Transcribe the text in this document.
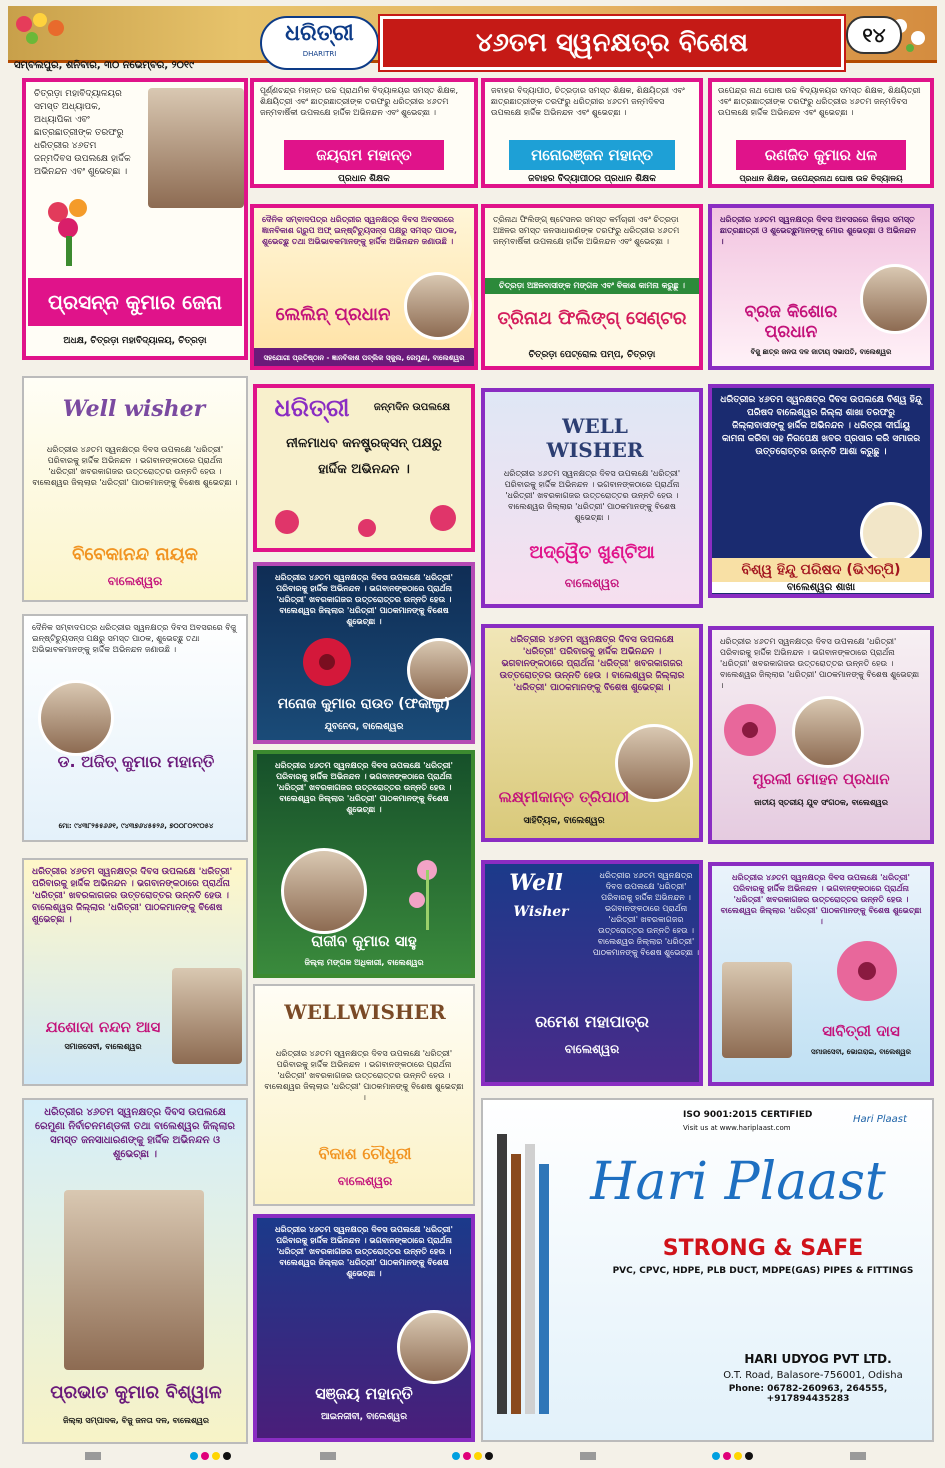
ଧରିତ୍ରୀ
DHARITRI	୪୬ତମ ସ୍ୱନକ୍ଷତ୍ର ବିଶେଷ	୧୪
ସମ୍ବଲପୁର, ଶନିବାର, ୩୦ ନଭେମ୍ବର, ୨୦୧୯
ଚିତ୍ରଡ଼ା ମହାବିଦ୍ୟାଳୟର ସମସ୍ତ ଅଧ୍ୟାପକ, ଅଧ୍ୟାପିକା ଏବଂ ଛାତ୍ରଛାତ୍ରୀଙ୍କ ତରଫରୁ ଧରିତ୍ରୀର ୪୬ତମ ଜନ୍ମଦିବସ ଉପଲକ୍ଷେ ହାର୍ଦ୍ଦିକ ଅଭିନନ୍ଦନ ଏବଂ ଶୁଭେଚ୍ଛା ।
ପ୍ରସନ୍ନ କୁମାର ଜେନା
ଅଧକ୍ଷ, ଚିତ୍ରଡ଼ା ମହାବିଦ୍ୟାଳୟ, ଚିତ୍ରଡ଼ା
ପୂର୍ଣ୍ଣଚନ୍ଦ୍ର ମହାନ୍ତ ଉଚ୍ଚ ପ୍ରାଥମିକ ବିଦ୍ୟାଳୟର ସମସ୍ତ ଶିକ୍ଷକ, ଶିକ୍ଷୟିତ୍ରୀ ଏବଂ ଛାତ୍ରଛାତ୍ରୀଙ୍କ ତରଫରୁ ଧରିତ୍ରୀର ୪୬ତମ ଜନ୍ମବାର୍ଷିକୀ ଉପଲକ୍ଷେ ହାର୍ଦ୍ଦିକ ଅଭିନନ୍ଦନ ଏବଂ ଶୁଭେଚ୍ଛା ।
ଜୟରାମ ମହାନ୍ତ
ପ୍ରଧାନ ଶିକ୍ଷକ
ଜବାହର ବିଦ୍ୟାପୀଠ, ଚିତ୍ରଡ଼ାର ସମସ୍ତ ଶିକ୍ଷକ, ଶିକ୍ଷୟିତ୍ରୀ ଏବଂ ଛାତ୍ରଛାତ୍ରୀଙ୍କ ତରଫରୁ ଧରିତ୍ରୀର ୪୬ତମ ଜନ୍ମଦିବସ ଉପଲକ୍ଷେ ହାର୍ଦ୍ଦିକ ଅଭିନନ୍ଦନ ଏବଂ ଶୁଭେଚ୍ଛା ।
ମନୋରଞ୍ଜନ ମହାନ୍ତ
ଜବାହର ବିଦ୍ୟାପୀଠର ପ୍ରଧାନ ଶିକ୍ଷକ
ଉପେନ୍ଦ୍ର ନାଥ ଘୋଷ ଉଚ୍ଚ ବିଦ୍ୟାଳୟର ସମସ୍ତ ଶିକ୍ଷକ, ଶିକ୍ଷୟିତ୍ରୀ ଏବଂ ଛାତ୍ରଛାତ୍ରୀଙ୍କ ତରଫରୁ ଧରିତ୍ରୀର ୪୬ତମ ଜନ୍ମଦିବସ ଉପଲକ୍ଷେ ହାର୍ଦ୍ଦିକ ଅଭିନନ୍ଦନ ଏବଂ ଶୁଭେଚ୍ଛା ।
ରଣଜିତ କୁମାର ଧଳ
ପ୍ରଧାନ ଶିକ୍ଷକ, ଉପେନ୍ଦ୍ରନାଥ ଘୋଷ ଉଚ୍ଚ ବିଦ୍ୟାଳୟ
ଦୈନିକ ସମ୍ବାଦପତ୍ର ଧରିତ୍ରୀର ସ୍ୱନକ୍ଷତ୍ର ଦିବସ ଅବସରରେ ଜ୍ଞାନବିକାଶ ଗ୍ରୁପ ଅଫ୍ ଇନ୍‌ଷ୍ଟିଚ୍ୟୁସନ୍ସ ପକ୍ଷରୁ ସମସ୍ତ ପାଠକ, ଶୁଭେଚ୍ଛୁ ତଥା ଅଭିଭାବକମାନଙ୍କୁ ହାର୍ଦ୍ଦିକ ଅଭିନନ୍ଦନ ଜଣାଉଛି ।
ଲେଲିନ୍ ପ୍ରଧାନ
ସହଯୋଗୀ ପ୍ରତିଷ୍ଠାନ - ଜ୍ଞାନବିକାଶ ପବ୍ଲିକ ସ୍କୁଲ, ରେମୁଣା, ବାଲେଶ୍ୱର
ତ୍ରିନାଥ ଫିଲିଙ୍ଗ୍ ଷ୍ଟେସନର ସମସ୍ତ କର୍ମଚାରୀ ଏବଂ ଚିତ୍ରଡ଼ା ଅଞ୍ଚଳର ସମସ୍ତ ଜନସାଧାରଣଙ୍କ ତରଫରୁ ଧରିତ୍ରୀର ୪୬ତମ ଜନ୍ମବାର୍ଷିକୀ ଉପଲକ୍ଷେ ହାର୍ଦ୍ଦିକ ଅଭିନନ୍ଦନ ଏବଂ ଶୁଭେଚ୍ଛା ।
ଚିତ୍ରଡ଼ା ଅଞ୍ଚଳବାସୀଙ୍କ ମଙ୍ଗଳ ଏବଂ ବିକାଶ କାମନା କରୁଛୁ ।
ତ୍ରିନାଥ ଫିଲିଙ୍ଗ୍ ସେଣ୍ଟର
ଚିତ୍ରଡ଼ା ପେଟ୍ରୋଲ ପମ୍ପ, ଚିତ୍ରଡ଼ା
ଧରିତ୍ରୀର ୪୬ତମ ସ୍ୱନକ୍ଷତ୍ର ଦିବସ ଅବସରରେ ଜିଲାର ସମସ୍ତ ଛାତ୍ରଛାତ୍ରୀ ଓ ଶୁଭେଚ୍ଛୁମାନଙ୍କୁ ମୋର ଶୁଭେଚ୍ଛା ଓ ଅଭିନନ୍ଦନ ।
ବ୍ରଜ କିଶୋର ପ୍ରଧାନ
ବିଜୁ ଛାତ୍ର ଜନତା ଦଳ ଜାତୀୟ ସଭାପତି, ବାଲେଶ୍ୱର
Well wisher
ଧରିତ୍ରୀର ୪୬ତମ ସ୍ୱନକ୍ଷତ୍ର ଦିବସ ଉପଲକ୍ଷେ 'ଧରିତ୍ରୀ' ପରିବାରକୁ ହାର୍ଦ୍ଦିକ ଅଭିନନ୍ଦନ । ଭଗବାନଙ୍କଠାରେ ପ୍ରାର୍ଥନା 'ଧରିତ୍ରୀ' ଖବରକାଗଜର ଉତ୍ତରୋତ୍ତର ଉନ୍ନତି ହେଉ । ବାଲେଶ୍ୱର ଜିଲ୍ଲାର 'ଧରିତ୍ରୀ' ପାଠକମାନଙ୍କୁ ବିଶେଷ ଶୁଭେଚ୍ଛା ।
ବିବେକାନନ୍ଦ ନାୟକ
ବାଲେଶ୍ୱର
ଧରିତ୍ରୀ	ଜନ୍ମଦିନ ଉପଲକ୍ଷେ
ନୀଳମାଧବ କନଷ୍ଟ୍ରକ୍ସନ୍ ପକ୍ଷରୁ
ହାର୍ଦ୍ଦିକ ଅଭିନନ୍ଦନ ।
WELL WISHER
ଧରିତ୍ରୀର ୪୬ତମ ସ୍ୱନକ୍ଷତ୍ର ଦିବସ ଉପଲକ୍ଷେ 'ଧରିତ୍ରୀ' ପରିବାରକୁ ହାର୍ଦ୍ଦିକ ଅଭିନନ୍ଦନ । ଭଗବାନଙ୍କଠାରେ ପ୍ରାର୍ଥନା 'ଧରିତ୍ରୀ' ଖବରକାଗଜର ଉତ୍ତରୋତ୍ତର ଉନ୍ନତି ହେଉ । ବାଲେଶ୍ୱର ଜିଲ୍ଲାର 'ଧରିତ୍ରୀ' ପାଠକମାନଙ୍କୁ ବିଶେଷ ଶୁଭେଚ୍ଛା ।
ଅଦ୍ୱୈତ ଖୁଣ୍ଟିଆ
ବାଲେଶ୍ୱର
ଧରିତ୍ରୀର ୪୬ତମ ସ୍ୱନକ୍ଷତ୍ର ଦିବସ ଉପଲକ୍ଷେ ବିଶ୍ୱ ହିନ୍ଦୁ ପରିଷଦ ବାଲେଶ୍ୱର ଜିଲ୍ଲା ଶାଖା ତରଫରୁ ଜିଲ୍ଲାବାସୀଙ୍କୁ ହାର୍ଦ୍ଦିକ ଅଭିନନ୍ଦନ । ଧରିତ୍ରୀ ଦୀର୍ଘାୟୁ କାମନା କରିବା ସହ ନିରପେକ୍ଷ ଖବର ପ୍ରସାର କରି ସମାଜର ଉତ୍ତରୋତ୍ତର ଉନ୍ନତି ଆଶା କରୁଛୁ ।
ବିଶ୍ୱ ହିନ୍ଦୁ ପରିଷଦ (ଭିଏଚ୍‌ପି)
ବାଲେଶ୍ୱର ଶାଖା
ଧରିତ୍ରୀର ୪୬ତମ ସ୍ୱନକ୍ଷତ୍ର ଦିବସ ଉପଲକ୍ଷେ 'ଧରିତ୍ରୀ' ପରିବାରକୁ ହାର୍ଦ୍ଦିକ ଅଭିନନ୍ଦନ । ଭଗବାନଙ୍କଠାରେ ପ୍ରାର୍ଥନା 'ଧରିତ୍ରୀ' ଖବରକାଗଜର ଉତ୍ତରୋତ୍ତର ଉନ୍ନତି ହେଉ । ବାଲେଶ୍ୱର ଜିଲ୍ଲାର 'ଧରିତ୍ରୀ' ପାଠକମାନଙ୍କୁ ବିଶେଷ ଶୁଭେଚ୍ଛା ।
ମନୋଜ କୁମାର ରାଉତ (ଫକାଲୁ)
ଯୁବନେତା, ବାଲେଶ୍ୱର
ଦୈନିକ ସମ୍ବାଦପତ୍ର ଧରିତ୍ରୀର ସ୍ୱନକ୍ଷତ୍ର ଦିବସ ଅବସରରେ ବିଜୁ ଇନ୍‌ଷ୍ଟିଚ୍ୟୁସନ୍ସ ପକ୍ଷରୁ ସମସ୍ତ ପାଠକ, ଶୁଭେଚ୍ଛୁ ତଥା ଅଭିଭାବକମାନଙ୍କୁ ହାର୍ଦ୍ଦିକ ଅଭିନନ୍ଦନ ଜଣାଉଛି ।
ଡ. ଅଜିତ୍ କୁମାର ମହାନ୍ତି
ମୋ: ୯୪୩୮୨୫୫୬୬୧, ୯୪୩୭୬୪୫୫୨୬, ୭୦୦୮୦୨୯୦୫୪
ଧରିତ୍ରୀର ୪୬ତମ ସ୍ୱନକ୍ଷତ୍ର ଦିବସ ଉପଲକ୍ଷେ 'ଧରିତ୍ରୀ' ପରିବାରକୁ ହାର୍ଦ୍ଦିକ ଅଭିନନ୍ଦନ । ଭଗବାନଙ୍କଠାରେ ପ୍ରାର୍ଥନା 'ଧରିତ୍ରୀ' ଖବରକାଗଜର ଉତ୍ତରୋତ୍ତର ଉନ୍ନତି ହେଉ । ବାଲେଶ୍ୱର ଜିଲ୍ଲାର 'ଧରିତ୍ରୀ' ପାଠକମାନଙ୍କୁ ବିଶେଷ ଶୁଭେଚ୍ଛା ।
ଲକ୍ଷ୍ମୀକାନ୍ତ ତ୍ରିପାଠୀ
ସାହିତ୍ୟିକ, ବାଲେଶ୍ୱର
ଧରିତ୍ରୀର ୪୬ତମ ସ୍ୱନକ୍ଷତ୍ର ଦିବସ ଉପଲକ୍ଷେ 'ଧରିତ୍ରୀ' ପରିବାରକୁ ହାର୍ଦ୍ଦିକ ଅଭିନନ୍ଦନ । ଭଗବାନଙ୍କଠାରେ ପ୍ରାର୍ଥନା 'ଧରିତ୍ରୀ' ଖବରକାଗଜର ଉତ୍ତରୋତ୍ତର ଉନ୍ନତି ହେଉ । ବାଲେଶ୍ୱର ଜିଲ୍ଲାର 'ଧରିତ୍ରୀ' ପାଠକମାନଙ୍କୁ ବିଶେଷ ଶୁଭେଚ୍ଛା ।
ମୁରଲୀ ମୋହନ ପ୍ରଧାନ
ଜାତୀୟ ସ୍ତରୀୟ ଯୁବ ସଂଗଠକ, ବାଲେଶ୍ୱର
ଧରିତ୍ରୀର ୪୬ତମ ସ୍ୱନକ୍ଷତ୍ର ଦିବସ ଉପଲକ୍ଷେ 'ଧରିତ୍ରୀ' ପରିବାରକୁ ହାର୍ଦ୍ଦିକ ଅଭିନନ୍ଦନ । ଭଗବାନଙ୍କଠାରେ ପ୍ରାର୍ଥନା 'ଧରିତ୍ରୀ' ଖବରକାଗଜର ଉତ୍ତରୋତ୍ତର ଉନ୍ନତି ହେଉ । ବାଲେଶ୍ୱର ଜିଲ୍ଲାର 'ଧରିତ୍ରୀ' ପାଠକମାନଙ୍କୁ ବିଶେଷ ଶୁଭେଚ୍ଛା ।
ରାଜୀବ କୁମାର ସାହୁ
ଜିଲ୍ଲା ମଙ୍ଗଳ ଅଧିକାରୀ, ବାଲେଶ୍ୱର
ଧରିତ୍ରୀର ୪୬ତମ ସ୍ୱନକ୍ଷତ୍ର ଦିବସ ଉପଲକ୍ଷେ 'ଧରିତ୍ରୀ' ପରିବାରକୁ ହାର୍ଦ୍ଦିକ ଅଭିନନ୍ଦନ । ଭଗବାନଙ୍କଠାରେ ପ୍ରାର୍ଥନା 'ଧରିତ୍ରୀ' ଖବରକାଗଜର ଉତ୍ତରୋତ୍ତର ଉନ୍ନତି ହେଉ । ବାଲେଶ୍ୱର ଜିଲ୍ଲାର 'ଧରିତ୍ରୀ' ପାଠକମାନଙ୍କୁ ବିଶେଷ ଶୁଭେଚ୍ଛା ।
ଯଶୋଦା ନନ୍ଦନ ଆସ
ସମାଜସେବୀ, ବାଲେଶ୍ୱର
Well
Wisher
ଧରିତ୍ରୀର ୪୬ତମ ସ୍ୱନକ୍ଷତ୍ର ଦିବସ ଉପଲକ୍ଷେ 'ଧରିତ୍ରୀ' ପରିବାରକୁ ହାର୍ଦ୍ଦିକ ଅଭିନନ୍ଦନ । ଭଗବାନଙ୍କଠାରେ ପ୍ରାର୍ଥନା 'ଧରିତ୍ରୀ' ଖବରକାଗଜର ଉତ୍ତରୋତ୍ତର ଉନ୍ନତି ହେଉ । ବାଲେଶ୍ୱର ଜିଲ୍ଲାର 'ଧରିତ୍ରୀ' ପାଠକମାନଙ୍କୁ ବିଶେଷ ଶୁଭେଚ୍ଛା ।
ରମେଶ ମହାପାତ୍ର
ବାଲେଶ୍ୱର
ଧରିତ୍ରୀର ୪୬ତମ ସ୍ୱନକ୍ଷତ୍ର ଦିବସ ଉପଲକ୍ଷେ 'ଧରିତ୍ରୀ' ପରିବାରକୁ ହାର୍ଦ୍ଦିକ ଅଭିନନ୍ଦନ । ଭଗବାନଙ୍କଠାରେ ପ୍ରାର୍ଥନା 'ଧରିତ୍ରୀ' ଖବରକାଗଜର ଉତ୍ତରୋତ୍ତର ଉନ୍ନତି ହେଉ । ବାଲେଶ୍ୱର ଜିଲ୍ଲାର 'ଧରିତ୍ରୀ' ପାଠକମାନଙ୍କୁ ବିଶେଷ ଶୁଭେଚ୍ଛା ।
ସାବିତ୍ରୀ ଦାସ
ସମାଜସେବୀ, ଭୋଗରାଇ, ବାଲେଶ୍ୱର
WELLWISHER
ଧରିତ୍ରୀର ୪୬ତମ ସ୍ୱନକ୍ଷତ୍ର ଦିବସ ଉପଲକ୍ଷେ 'ଧରିତ୍ରୀ' ପରିବାରକୁ ହାର୍ଦ୍ଦିକ ଅଭିନନ୍ଦନ । ଭଗବାନଙ୍କଠାରେ ପ୍ରାର୍ଥନା 'ଧରିତ୍ରୀ' ଖବରକାଗଜର ଉତ୍ତରୋତ୍ତର ଉନ୍ନତି ହେଉ । ବାଲେଶ୍ୱର ଜିଲ୍ଲାର 'ଧରିତ୍ରୀ' ପାଠକମାନଙ୍କୁ ବିଶେଷ ଶୁଭେଚ୍ଛା ।
ବିକାଶ ଚୌଧୁରୀ
ବାଲେଶ୍ୱର
ଧରିତ୍ରୀର ୪୬ତମ ସ୍ୱନକ୍ଷତ୍ର ଦିବସ ଉପଲକ୍ଷେ ରେମୁଣା ନିର୍ବାଚନମଣ୍ଡଳୀ ତଥା ବାଲେଶ୍ୱର ଜିଲ୍ଲାର ସମସ୍ତ ଜନସାଧାରଣଙ୍କୁ ହାର୍ଦ୍ଦିକ ଅଭିନନ୍ଦନ ଓ ଶୁଭେଚ୍ଛା ।
ପ୍ରଭାତ କୁମାର ବିଶ୍ୱାଳ
ଜିଲ୍ଲା ସମ୍ପାଦକ, ବିଜୁ ଜନତା ଦଳ, ବାଲେଶ୍ୱର
ଧରିତ୍ରୀର ୪୬ତମ ସ୍ୱନକ୍ଷତ୍ର ଦିବସ ଉପଲକ୍ଷେ 'ଧରିତ୍ରୀ' ପରିବାରକୁ ହାର୍ଦ୍ଦିକ ଅଭିନନ୍ଦନ । ଭଗବାନଙ୍କଠାରେ ପ୍ରାର୍ଥନା 'ଧରିତ୍ରୀ' ଖବରକାଗଜର ଉତ୍ତରୋତ୍ତର ଉନ୍ନତି ହେଉ । ବାଲେଶ୍ୱର ଜିଲ୍ଲାର 'ଧରିତ୍ରୀ' ପାଠକମାନଙ୍କୁ ବିଶେଷ ଶୁଭେଚ୍ଛା ।
ସଞ୍ଜୟ ମହାନ୍ତି
ଆଇନଜୀବୀ, ବାଲେଶ୍ୱର
ISO 9001:2015 CERTIFIED
Visit us at www.hariplaast.com
Hari Plaast
Hari Plaast
STRONG & SAFE
PVC, CPVC, HDPE, PLB DUCT, MDPE(GAS) PIPES & FITTINGS
HARI UDYOG PVT LTD.
O.T. Road, Balasore-756001, Odisha
Phone: 06782-260963, 264555, +917894435283
